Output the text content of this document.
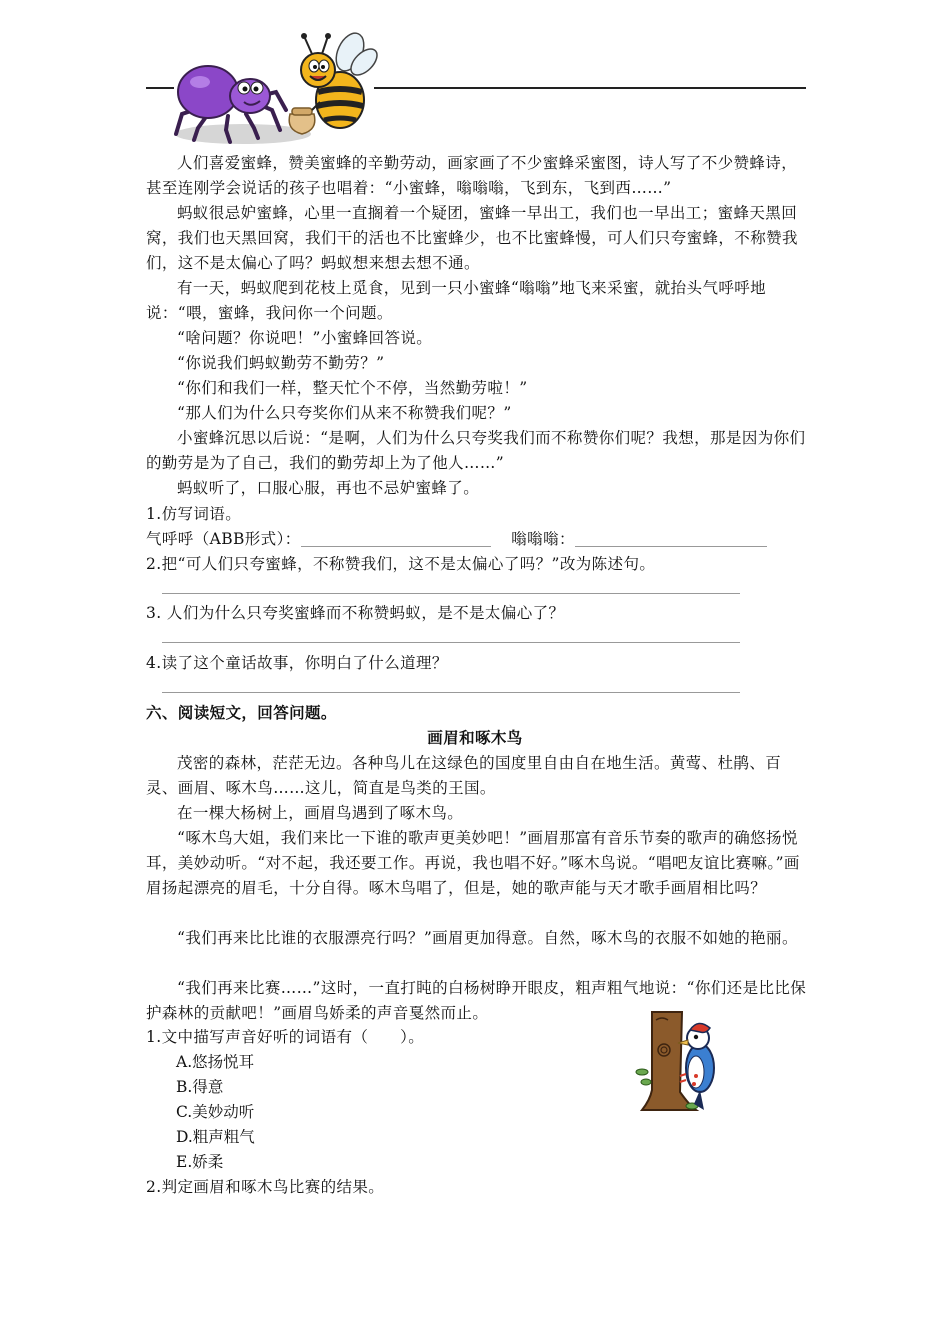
人们喜爱蜜蜂，赞美蜜蜂的辛勤劳动，画家画了不少蜜蜂采蜜图，诗人写了不少赞蜂诗，甚至连刚学会说话的孩子也唱着：“小蜜蜂，嗡嗡嗡，飞到东，飞到西……”

蚂蚁很忌妒蜜蜂，心里一直搁着一个疑团，蜜蜂一早出工，我们也一早出工；蜜蜂天黑回窝，我们也天黑回窝，我们干的活也不比蜜蜂少，也不比蜜蜂慢，可人们只夸蜜蜂，不称赞我们，这不是太偏心了吗？蚂蚁想来想去想不通。

有一天，蚂蚁爬到花枝上觅食，见到一只小蜜蜂“嗡嗡”地飞来采蜜，就抬头气呼呼地说：“喂，蜜蜂，我问你一个问题。

“啥问题？你说吧！”小蜜蜂回答说。

“你说我们蚂蚁勤劳不勤劳？”

“你们和我们一样，整天忙个不停，当然勤劳啦！”

“那人们为什么只夸奖你们从来不称赞我们呢？”

小蜜蜂沉思以后说：“是啊，人们为什么只夸奖我们而不称赞你们呢？我想，那是因为你们的勤劳是为了自己，我们的勤劳却上为了他人……”

蚂蚁听了，口服心服，再也不忌妒蜜蜂了。

1.仿写词语。

气呼呼（ABB形式）：	嗡嗡嗡：

2.把“可人们只夸蜜蜂，不称赞我们，这不是太偏心了吗？”改为陈述句。

3. 人们为什么只夸奖蜜蜂而不称赞蚂蚁，是不是太偏心了？

4.读了这个童话故事，你明白了什么道理？

六、阅读短文，回答问题。

画眉和啄木鸟

茂密的森林，茫茫无边。各种鸟儿在这绿色的国度里自由自在地生活。黄莺、杜鹃、百灵、画眉、啄木鸟……这儿，简直是鸟类的王国。

在一棵大杨树上，画眉鸟遇到了啄木鸟。

“啄木鸟大姐，我们来比一下谁的歌声更美妙吧！”画眉那富有音乐节奏的歌声的确悠扬悦耳，美妙动听。“对不起，我还要工作。再说，我也唱不好。”啄木鸟说。“唱吧友谊比赛嘛。”画眉扬起漂亮的眉毛，十分自得。啄木鸟唱了，但是，她的歌声能与天才歌手画眉相比吗？

“我们再来比比谁的衣服漂亮行吗？”画眉更加得意。自然，啄木鸟的衣服不如她的艳丽。

“我们再来比赛……”这时，一直打盹的白杨树睁开眼皮，粗声粗气地说：“你们还是比比保护森林的贡献吧！”画眉鸟娇柔的声音戛然而止。

1.文中描写声音好听的词语有（　　）。

A.悠扬悦耳

B.得意

C.美妙动听

D.粗声粗气

E.娇柔

2.判定画眉和啄木鸟比赛的结果。
